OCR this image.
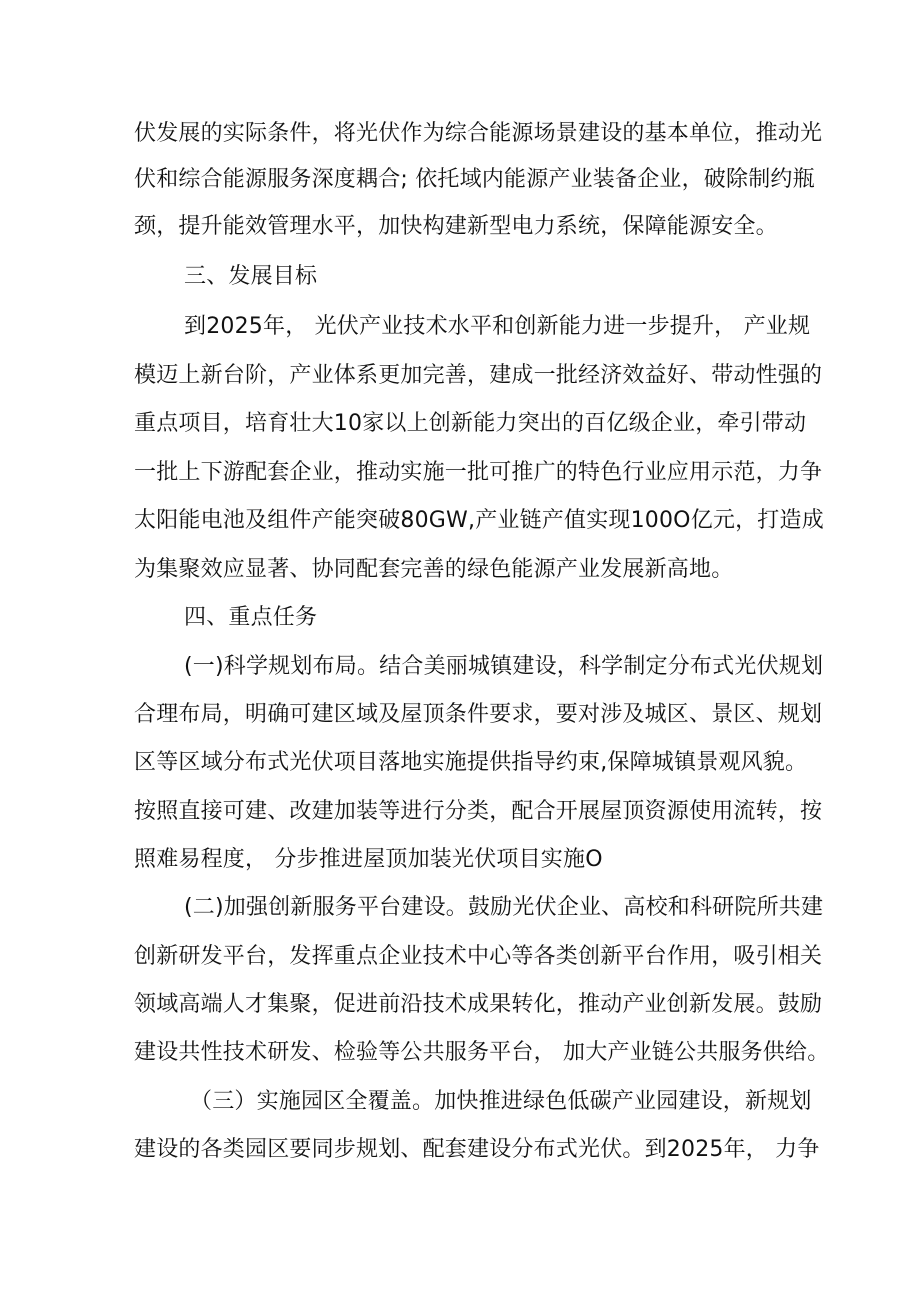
伏发展的实际条件，将光伏作为综合能源场景建设的基本单位，推动光
伏和综合能源服务深度耦合; 依托域内能源产业装备企业，破除制约瓶
颈，提升能效管理水平，加快构建新型电力系统，保障能源安全。
三、发展目标
到2025年， 光伏产业技术水平和创新能力进一步提升， 产业规
模迈上新台阶，产业体系更加完善，建成一批经济效益好、带动性强的
重点项目，培育壮大10家以上创新能力突出的百亿级企业，牵引带动
一批上下游配套企业，推动实施一批可推广的特色行业应用示范，力争
太阳能电池及组件产能突破80GW,产业链产值实现100O亿元，打造成
为集聚效应显著、协同配套完善的绿色能源产业发展新高地。
四、重点任务
(一)科学规划布局。结合美丽城镇建设，科学制定分布式光伏规划
合理布局，明确可建区域及屋顶条件要求，要对涉及城区、景区、规划
区等区域分布式光伏项目落地实施提供指导约束,保障城镇景观风貌。
按照直接可建、改建加装等进行分类，配合开展屋顶资源使用流转，按
照难易程度， 分步推进屋顶加装光伏项目实施O
(二)加强创新服务平台建设。鼓励光伏企业、高校和科研院所共建
创新研发平台，发挥重点企业技术中心等各类创新平台作用，吸引相关
领域高端人才集聚，促进前沿技术成果转化，推动产业创新发展。鼓励
建设共性技术研发、检验等公共服务平台， 加大产业链公共服务供给。
（三）实施园区全覆盖。加快推进绿色低碳产业园建设，新规划
建设的各类园区要同步规划、配套建设分布式光伏。到2025年， 力争
